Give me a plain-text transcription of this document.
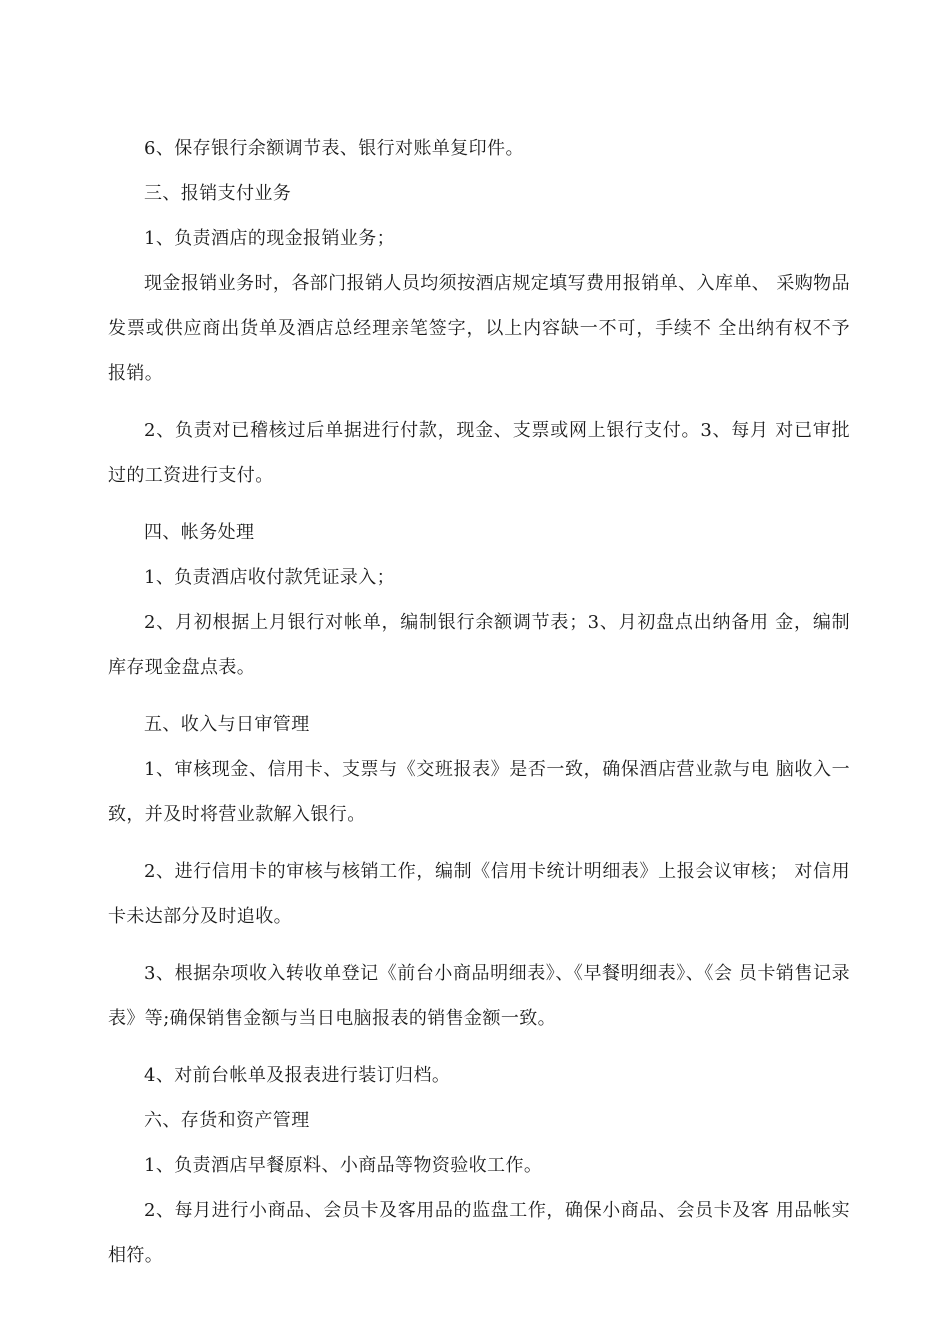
6、保存银行余额调节表、银行对账单复印件。

三、报销支付业务

1、负责酒店的现金报销业务；

现金报销业务时，各部门报销人员均须按酒店规定填写费用报销单、入库单、 采购物品发票或供应商出货单及酒店总经理亲笔签字，以上内容缺一不可，手续不 全出纳有权不予报销。

2、负责对已稽核过后单据进行付款，现金、支票或网上银行支付。3、每月 对已审批过的工资进行支付。

四、帐务处理

1、负责酒店收付款凭证录入；

2、月初根据上月银行对帐单，编制银行余额调节表；3、月初盘点出纳备用 金，编制库存现金盘点表。

五、收入与日审管理

1、审核现金、信用卡、支票与《交班报表》是否一致，确保酒店营业款与电 脑收入一致，并及时将营业款解入银行。

2、进行信用卡的审核与核销工作，编制《信用卡统计明细表》上报会议审核； 对信用卡未达部分及时追收。

3、根据杂项收入转收单登记《前台小商品明细表》、《早餐明细表》、《会 员卡销售记录表》等;确保销售金额与当日电脑报表的销售金额一致。

4、对前台帐单及报表进行装订归档。

六、存货和资产管理

1、负责酒店早餐原料、小商品等物资验收工作。

2、每月进行小商品、会员卡及客用品的监盘工作，确保小商品、会员卡及客 用品帐实相符。
